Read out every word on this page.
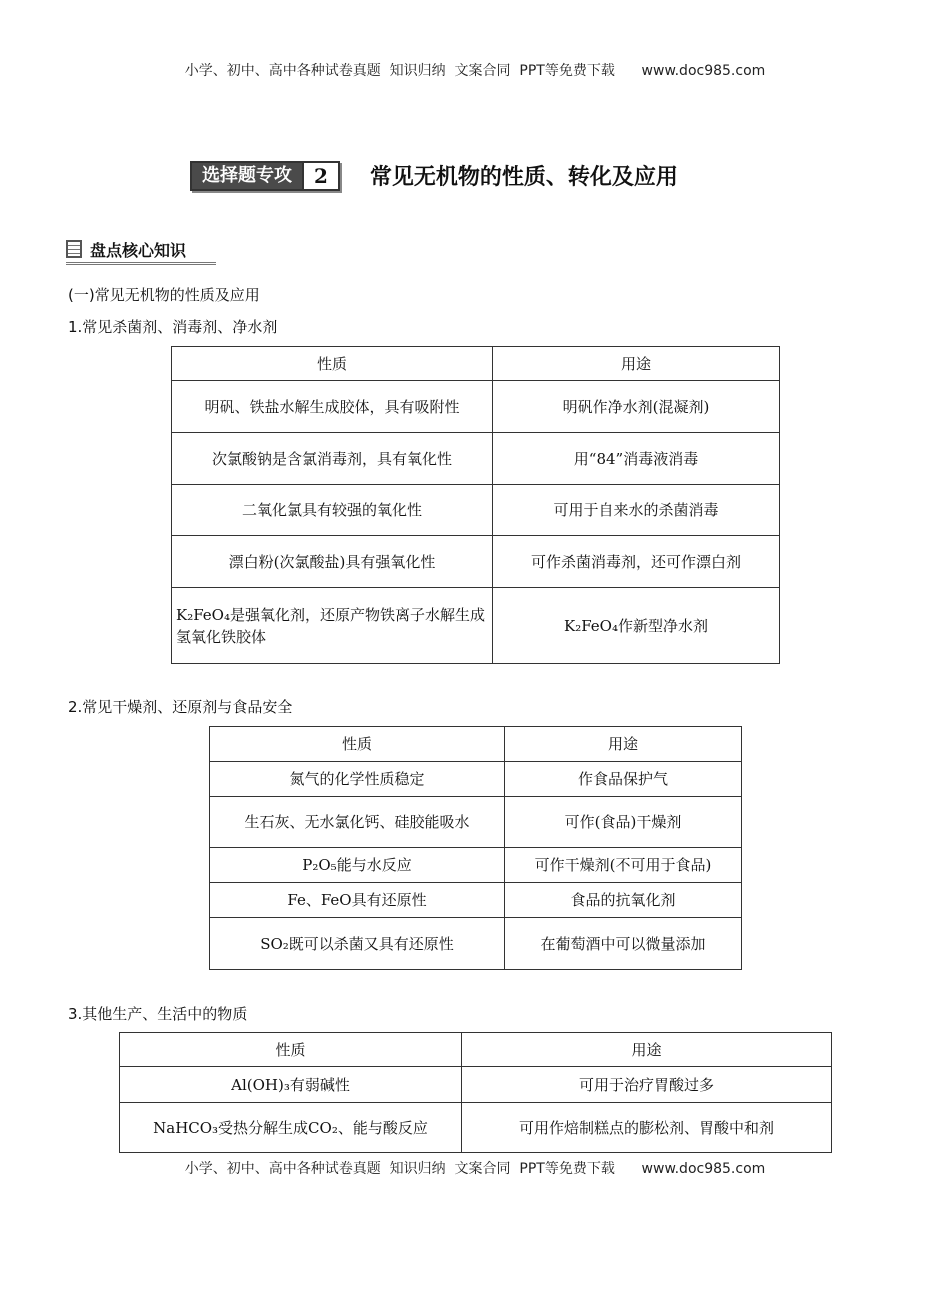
小学、初中、高中各种试卷真题  知识归纳  文案合同  PPT等免费下载      www.doc985.com
选择题专攻	2	常见无机物的性质、转化及应用
盘点核心知识
(一)常见无机物的性质及应用
1.常见杀菌剂、消毒剂、净水剂
性质	用途
明矾、铁盐水解生成胶体，具有吸附性	明矾作净水剂(混凝剂)
次氯酸钠是含氯消毒剂，具有氧化性	用“84”消毒液消毒
二氧化氯具有较强的氧化性	可用于自来水的杀菌消毒
漂白粉(次氯酸盐)具有强氧化性	可作杀菌消毒剂，还可作漂白剂
K₂FeO₄是强氧化剂，还原产物铁离子水解生成氢氧化铁胶体	K₂FeO₄作新型净水剂
2.常见干燥剂、还原剂与食品安全
性质	用途
氮气的化学性质稳定	作食品保护气
生石灰、无水氯化钙、硅胶能吸水	可作(食品)干燥剂
P₂O₅能与水反应	可作干燥剂(不可用于食品)
Fe、FeO具有还原性	食品的抗氧化剂
SO₂既可以杀菌又具有还原性	在葡萄酒中可以微量添加
3.其他生产、生活中的物质
性质	用途
Al(OH)₃有弱碱性	可用于治疗胃酸过多
NaHCO₃受热分解生成CO₂、能与酸反应	可用作焙制糕点的膨松剂、胃酸中和剂
小学、初中、高中各种试卷真题  知识归纳  文案合同  PPT等免费下载      www.doc985.com
